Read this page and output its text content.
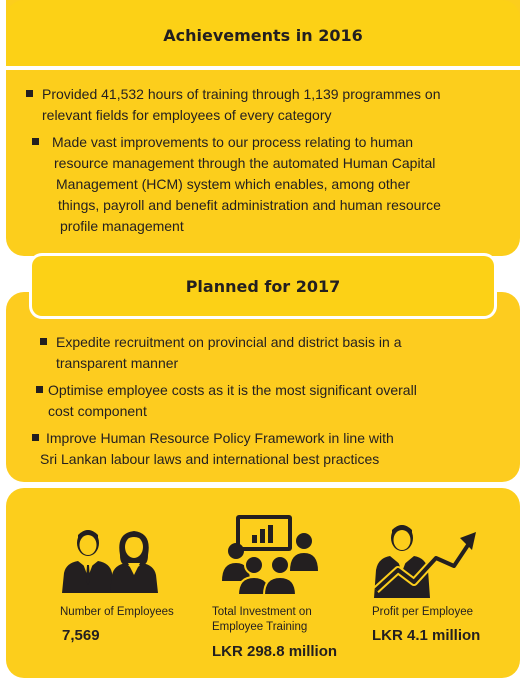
Achievements in 2016
Provided 41,532 hours of training through 1,139 programmes on
relevant fields for employees of every category
Made vast improvements to our process relating to human
resource management through the automated Human Capital
Management (HCM) system which enables, among other
things, payroll and benefit administration and human resource
profile management
Planned for 2017
Expedite recruitment on provincial and district basis in a
transparent manner
Optimise employee costs as it is the most significant overall
cost component
Improve Human Resource Policy Framework in line with
Sri Lankan labour laws and international best practices
Number of Employees
7,569
Total Investment on
Employee Training
LKR 298.8 million
Profit per Employee
LKR 4.1 million
